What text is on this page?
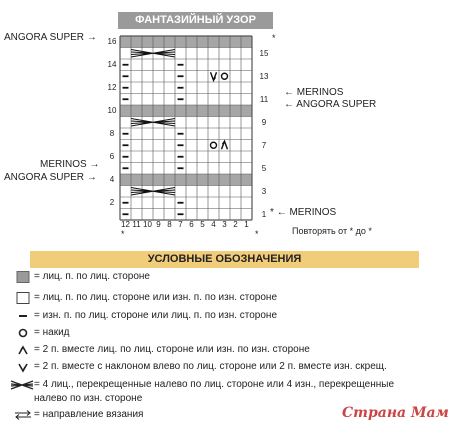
ФАНТАЗИЙНЫЙ УЗОР
16
14
12
10
8
6
4
2
15
13
11
9
7
5
3
1
12 11 10 9 8 7 6 5 4 3 2 1
*
*	*	Повторять от * до *
ANGORA SUPER →
← MERINOS
← ANGORA SUPER
MERINOS →
ANGORA SUPER →
* ← MERINOS
УСЛОВНЫЕ ОБОЗНАЧЕНИЯ
= лиц. п. по лиц. стороне
= лиц. п. по лиц. стороне или изн. п. по изн. стороне
= изн. п. по лиц. стороне или лиц. п. по изн. стороне
= накид
= 2 п. вместе лиц. по лиц. стороне или изн. по изн. стороне
= 2 п. вместе с наклоном влево по лиц. стороне или 2 п. вместе изн. скрещ.
= 4 лиц., перекрещенные налево по лиц. стороне или 4 изн., перекрещенные
налево по изн. стороне
= направление вязания	Страна Мам
